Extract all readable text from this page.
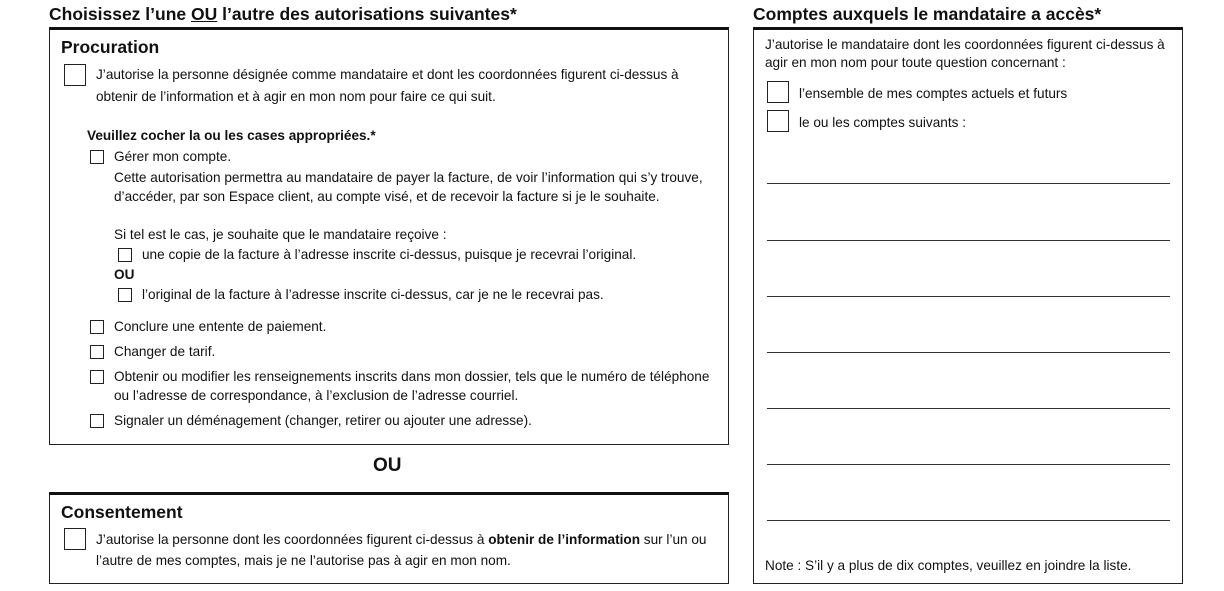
Choisissez l’une OU l’autre des autorisations suivantes*	Comptes auxquels le mandataire a accès*
Procuration
J’autorise la personne désignée comme mandataire et dont les coordonnées figurent ci-dessus à
obtenir de l’information et à agir en mon nom pour faire ce qui suit.
Veuillez cocher la ou les cases appropriées.*
Gérer mon compte.
Cette autorisation permettra au mandataire de payer la facture, de voir l’information qui s’y trouve,
d’accéder, par son Espace client, au compte visé, et de recevoir la facture si je le souhaite.
Si tel est le cas, je souhaite que le mandataire reçoive :
une copie de la facture à l’adresse inscrite ci-dessus, puisque je recevrai l’original.
OU
l’original de la facture à l’adresse inscrite ci-dessus, car je ne le recevrai pas.
Conclure une entente de paiement.
Changer de tarif.
Obtenir ou modifier les renseignements inscrits dans mon dossier, tels que le numéro de téléphone
ou l’adresse de correspondance, à l’exclusion de l’adresse courriel.
Signaler un déménagement (changer, retirer ou ajouter une adresse).
OU
Consentement
J’autorise la personne dont les coordonnées figurent ci-dessus à obtenir de l’information sur l’un ou
l’autre de mes comptes, mais je ne l’autorise pas à agir en mon nom.
J’autorise le mandataire dont les coordonnées figurent ci-dessus à
agir en mon nom pour toute question concernant :
l’ensemble de mes comptes actuels et futurs
le ou les comptes suivants :
Note : S’il y a plus de dix comptes, veuillez en joindre la liste.
